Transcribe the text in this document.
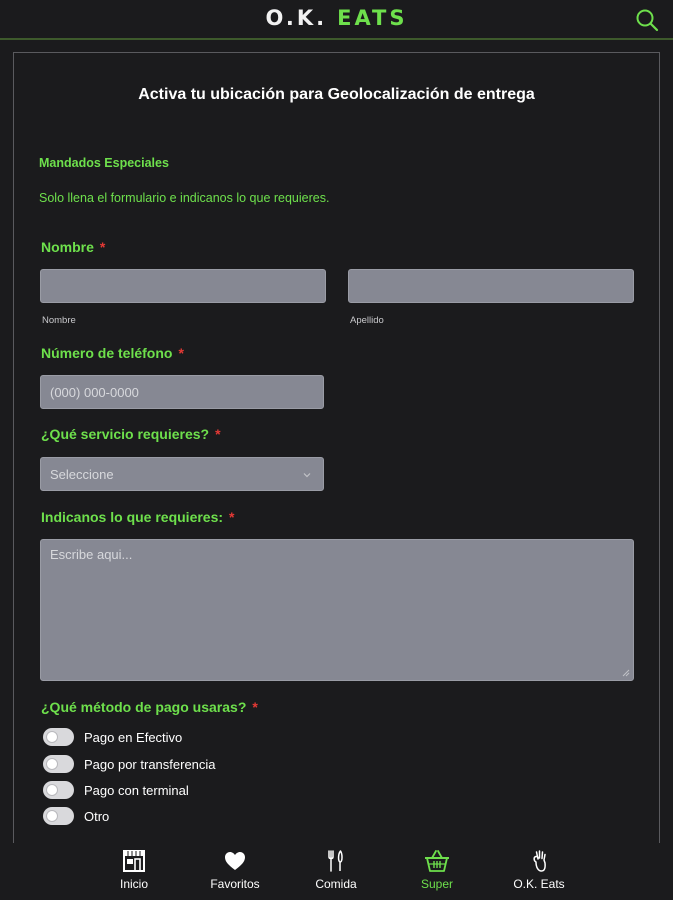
O.K. EATS
Activa tu ubicación para Geolocalización de entrega
Mandados Especiales
Solo llena el formulario e indicanos lo que requieres.
Nombre *
Nombre	Apellido
Número de teléfono *
(000) 000-0000
¿Qué servicio requieres? *
Seleccione
Indicanos lo que requieres: *
Escribe aqui...
¿Qué método de pago usaras? *
Pago en Efectivo
Pago por transferencia
Pago con terminal
Otro
Inicio	Favoritos	Comida	Super	O.K. Eats
